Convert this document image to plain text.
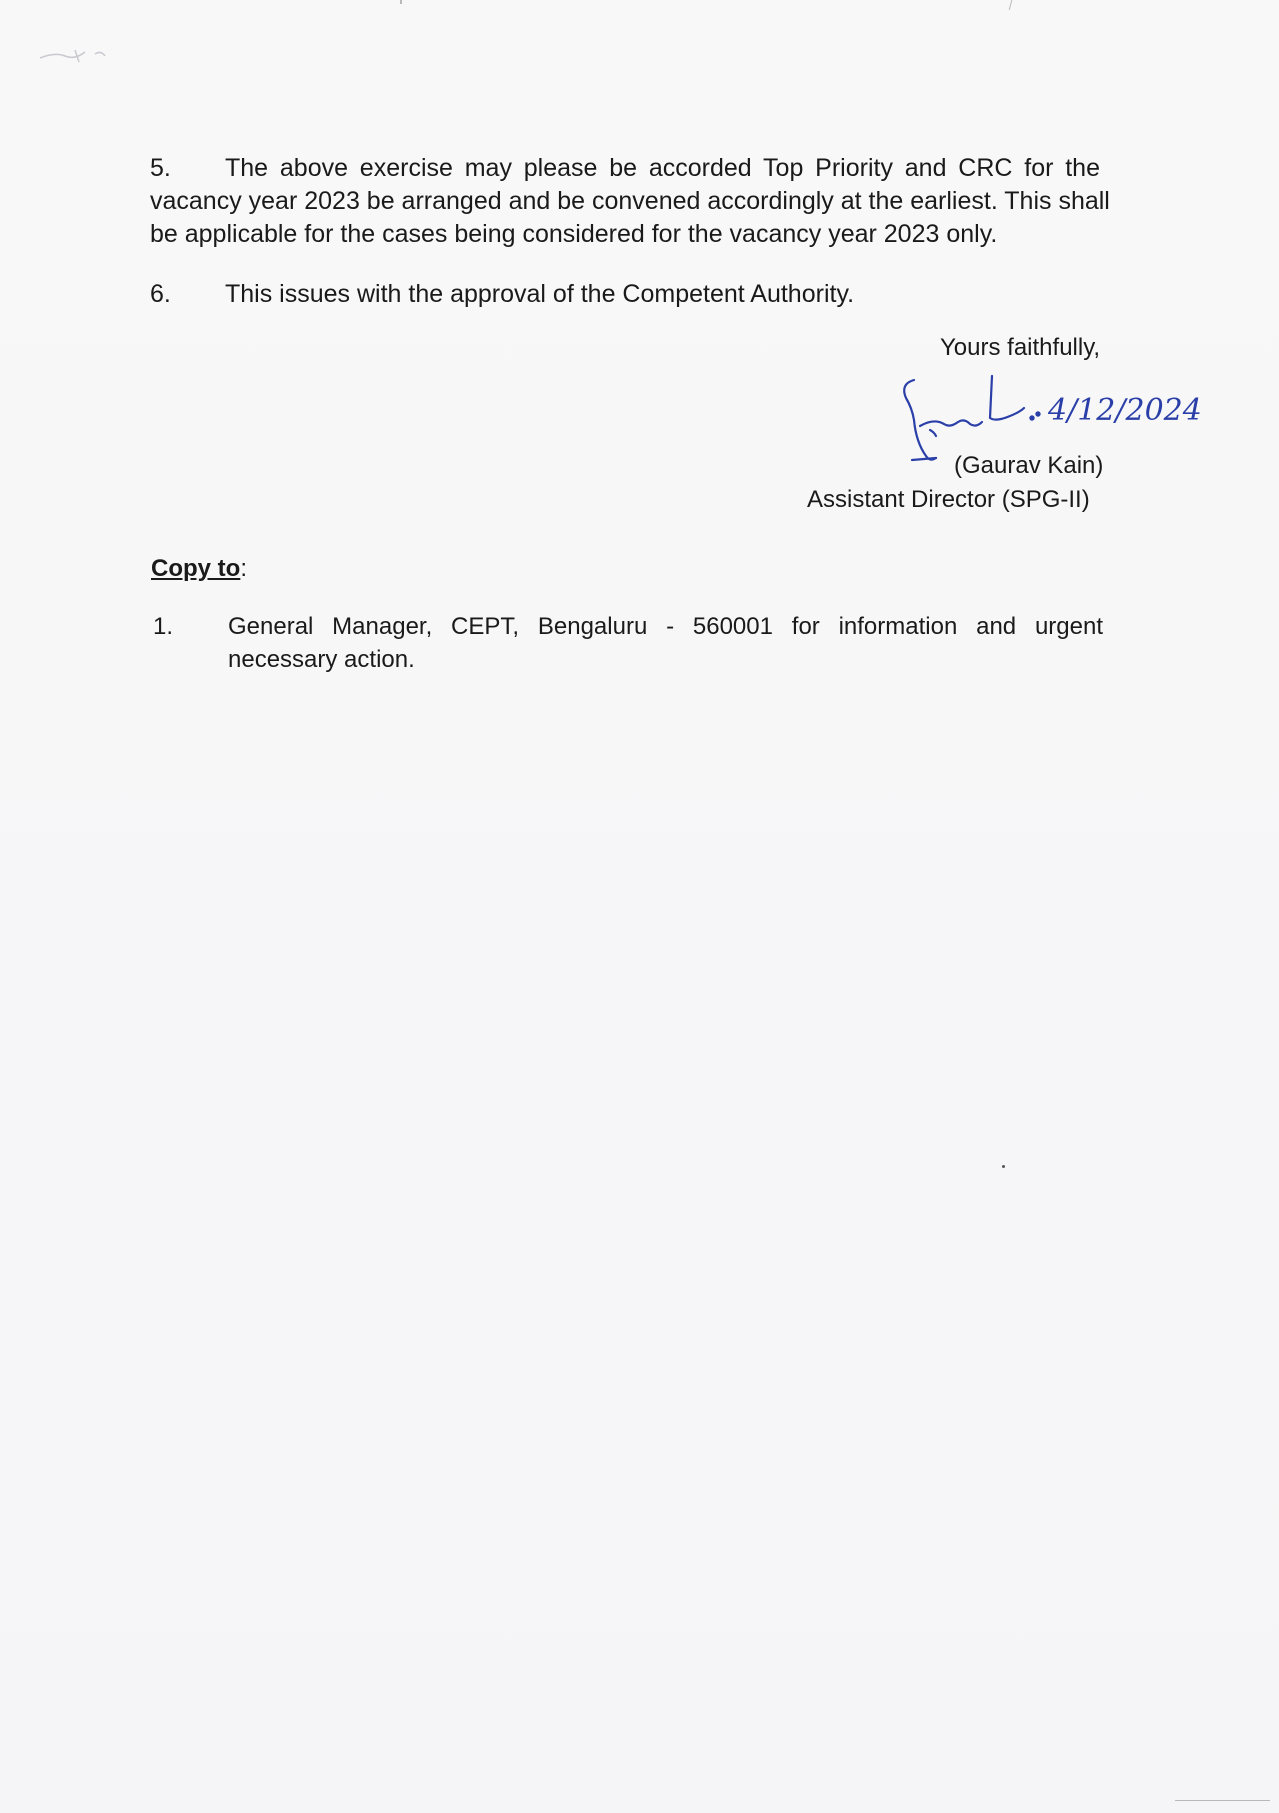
5.	The above exercise may please be accorded Top Priority and CRC for the
vacancy year 2023 be arranged and be convened accordingly at the earliest. This shall
be applicable for the cases being considered for the vacancy year 2023 only.
6. This issues with the approval of the Competent Authority.
Yours faithfully,
4/12/2024
(Gaurav Kain)
Assistant Director (SPG-II)
Copy to:
1. General Manager, CEPT, Bengaluru - 560001 for information and urgent
necessary action.
